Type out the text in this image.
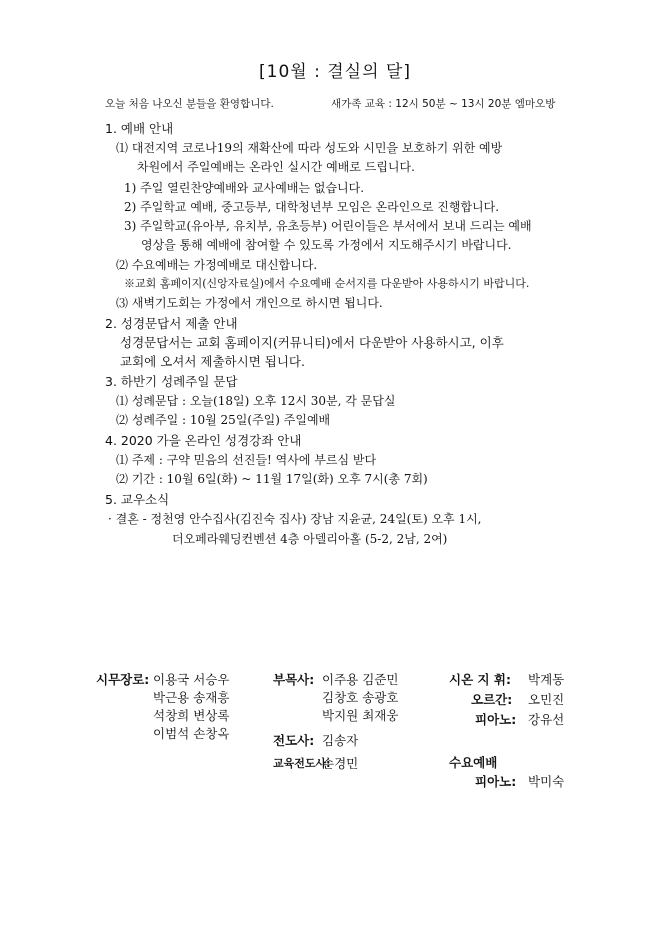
[10월 : 결실의 달]
오늘 처음 나오신 분들을 환영합니다.	새가족 교육 : 12시 50분 ~ 13시 20분 엠마오방
1. 예배 안내
⑴ 대전지역 코로나19의 재확산에 따라 성도와 시민을 보호하기 위한 예방
차원에서 주일예배는 온라인 실시간 예배로 드립니다.
1) 주일 열린찬양예배와 교사예배는 없습니다.
2) 주일학교 예배, 중고등부, 대학청년부 모임은 온라인으로 진행합니다.
3) 주일학교(유아부, 유치부, 유초등부) 어린이들은 부서에서 보내 드리는 예배
영상을 통해 예배에 참여할 수 있도록 가정에서 지도해주시기 바랍니다.
⑵ 수요예배는 가정예배로 대신합니다.
※교회 홈페이지(신앙자료실)에서 수요예배 순서지를 다운받아 사용하시기 바랍니다.
⑶ 새벽기도회는 가정에서 개인으로 하시면 됩니다.
2. 성경문답서 제출 안내
성경문답서는 교회 홈페이지(커뮤니티)에서 다운받아 사용하시고, 이후
교회에 오셔서 제출하시면 됩니다.
3. 하반기 성례주일 문답
⑴ 성례문답 : 오늘(18일) 오후 12시 30분, 각 문답실
⑵ 성례주일 : 10월 25일(주일) 주일예배
4. 2020 가을 온라인 성경강좌 안내
⑴ 주제 : 구약 믿음의 선진들! 역사에 부르심 받다
⑵ 기간 : 10월 6일(화) ~ 11월 17일(화) 오후 7시(총 7회)
5. 교우소식
· 결혼 - 정천영 안수집사(김진숙 집사) 장남 지윤균, 24일(토) 오후 1시,
더오페라웨딩컨벤션 4층 아델리아홀 (5-2, 2남, 2여)
시무장로: 이용국 서승우
박근용 송재흥
석창희 변상록
이범석 손창옥
부목사: 이주용 김준민
김창호 송광호
박지원 최재웅
전도사: 김송자
교육전도사:
손경민
시온 지 휘: 박계동
오르간: 오민진
피아노: 강유선
수요예배
피아노: 박미숙
